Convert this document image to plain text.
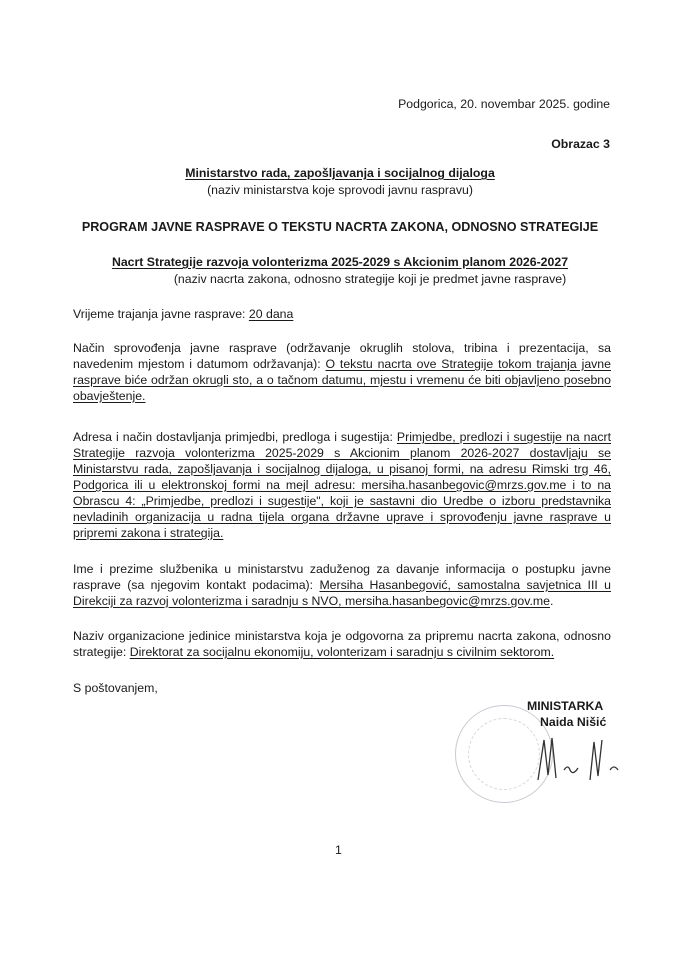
Podgorica, 20. novembar 2025. godine
Obrazac 3
Ministarstvo rada, zapošljavanja i socijalnog dijaloga
(naziv ministarstva koje sprovodi javnu raspravu)
PROGRAM JAVNE RASPRAVE O TEKSTU NACRTA ZAKONA, ODNOSNO STRATEGIJE
Nacrt Strategije razvoja volonterizma 2025-2029 s Akcionim planom 2026-2027
(naziv nacrta zakona, odnosno strategije koji je predmet javne rasprave)
Vrijeme trajanja javne rasprave: 20 dana
Način sprovođenja javne rasprave (održavanje okruglih stolova, tribina i prezentacija, sa navedenim mjestom i datumom održavanja): O tekstu nacrta ove Strategije tokom trajanja javne rasprave biće održan okrugli sto, a o tačnom datumu, mjestu i vremenu će biti objavljeno posebno obavještenje.
Adresa i način dostavljanja primjedbi, predloga i sugestija: Primjedbe, predlozi i sugestije na nacrt Strategije razvoja volonterizma 2025-2029 s Akcionim planom 2026-2027 dostavljaju se Ministarstvu rada, zapošljavanja i socijalnog dijaloga, u pisanoj formi, na adresu Rimski trg 46, Podgorica ili u elektronskoj formi na mejl adresu: mersiha.hasanbegovic@mrzs.gov.me i to na Obrascu 4: „Primjedbe, predlozi i sugestije", koji je sastavni dio Uredbe o izboru predstavnika nevladinih organizacija u radna tijela organa državne uprave i sprovođenju javne rasprave u pripremi zakona i strategija.
Ime i prezime službenika u ministarstvu zaduženog za davanje informacija o postupku javne rasprave (sa njegovim kontakt podacima): Mersiha Hasanbegović, samostalna savjetnica III u Direkciji za razvoj volonterizma i saradnju s NVO, mersiha.hasanbegovic@mrzs.gov.me.
Naziv organizacione jedinice ministarstva koja je odgovorna za pripremu nacrta zakona, odnosno strategije: Direktorat za socijalnu ekonomiju, volonterizam i saradnju s civilnim sektorom.
S poštovanjem,
MINISTARKA
Naida Nišić
1
